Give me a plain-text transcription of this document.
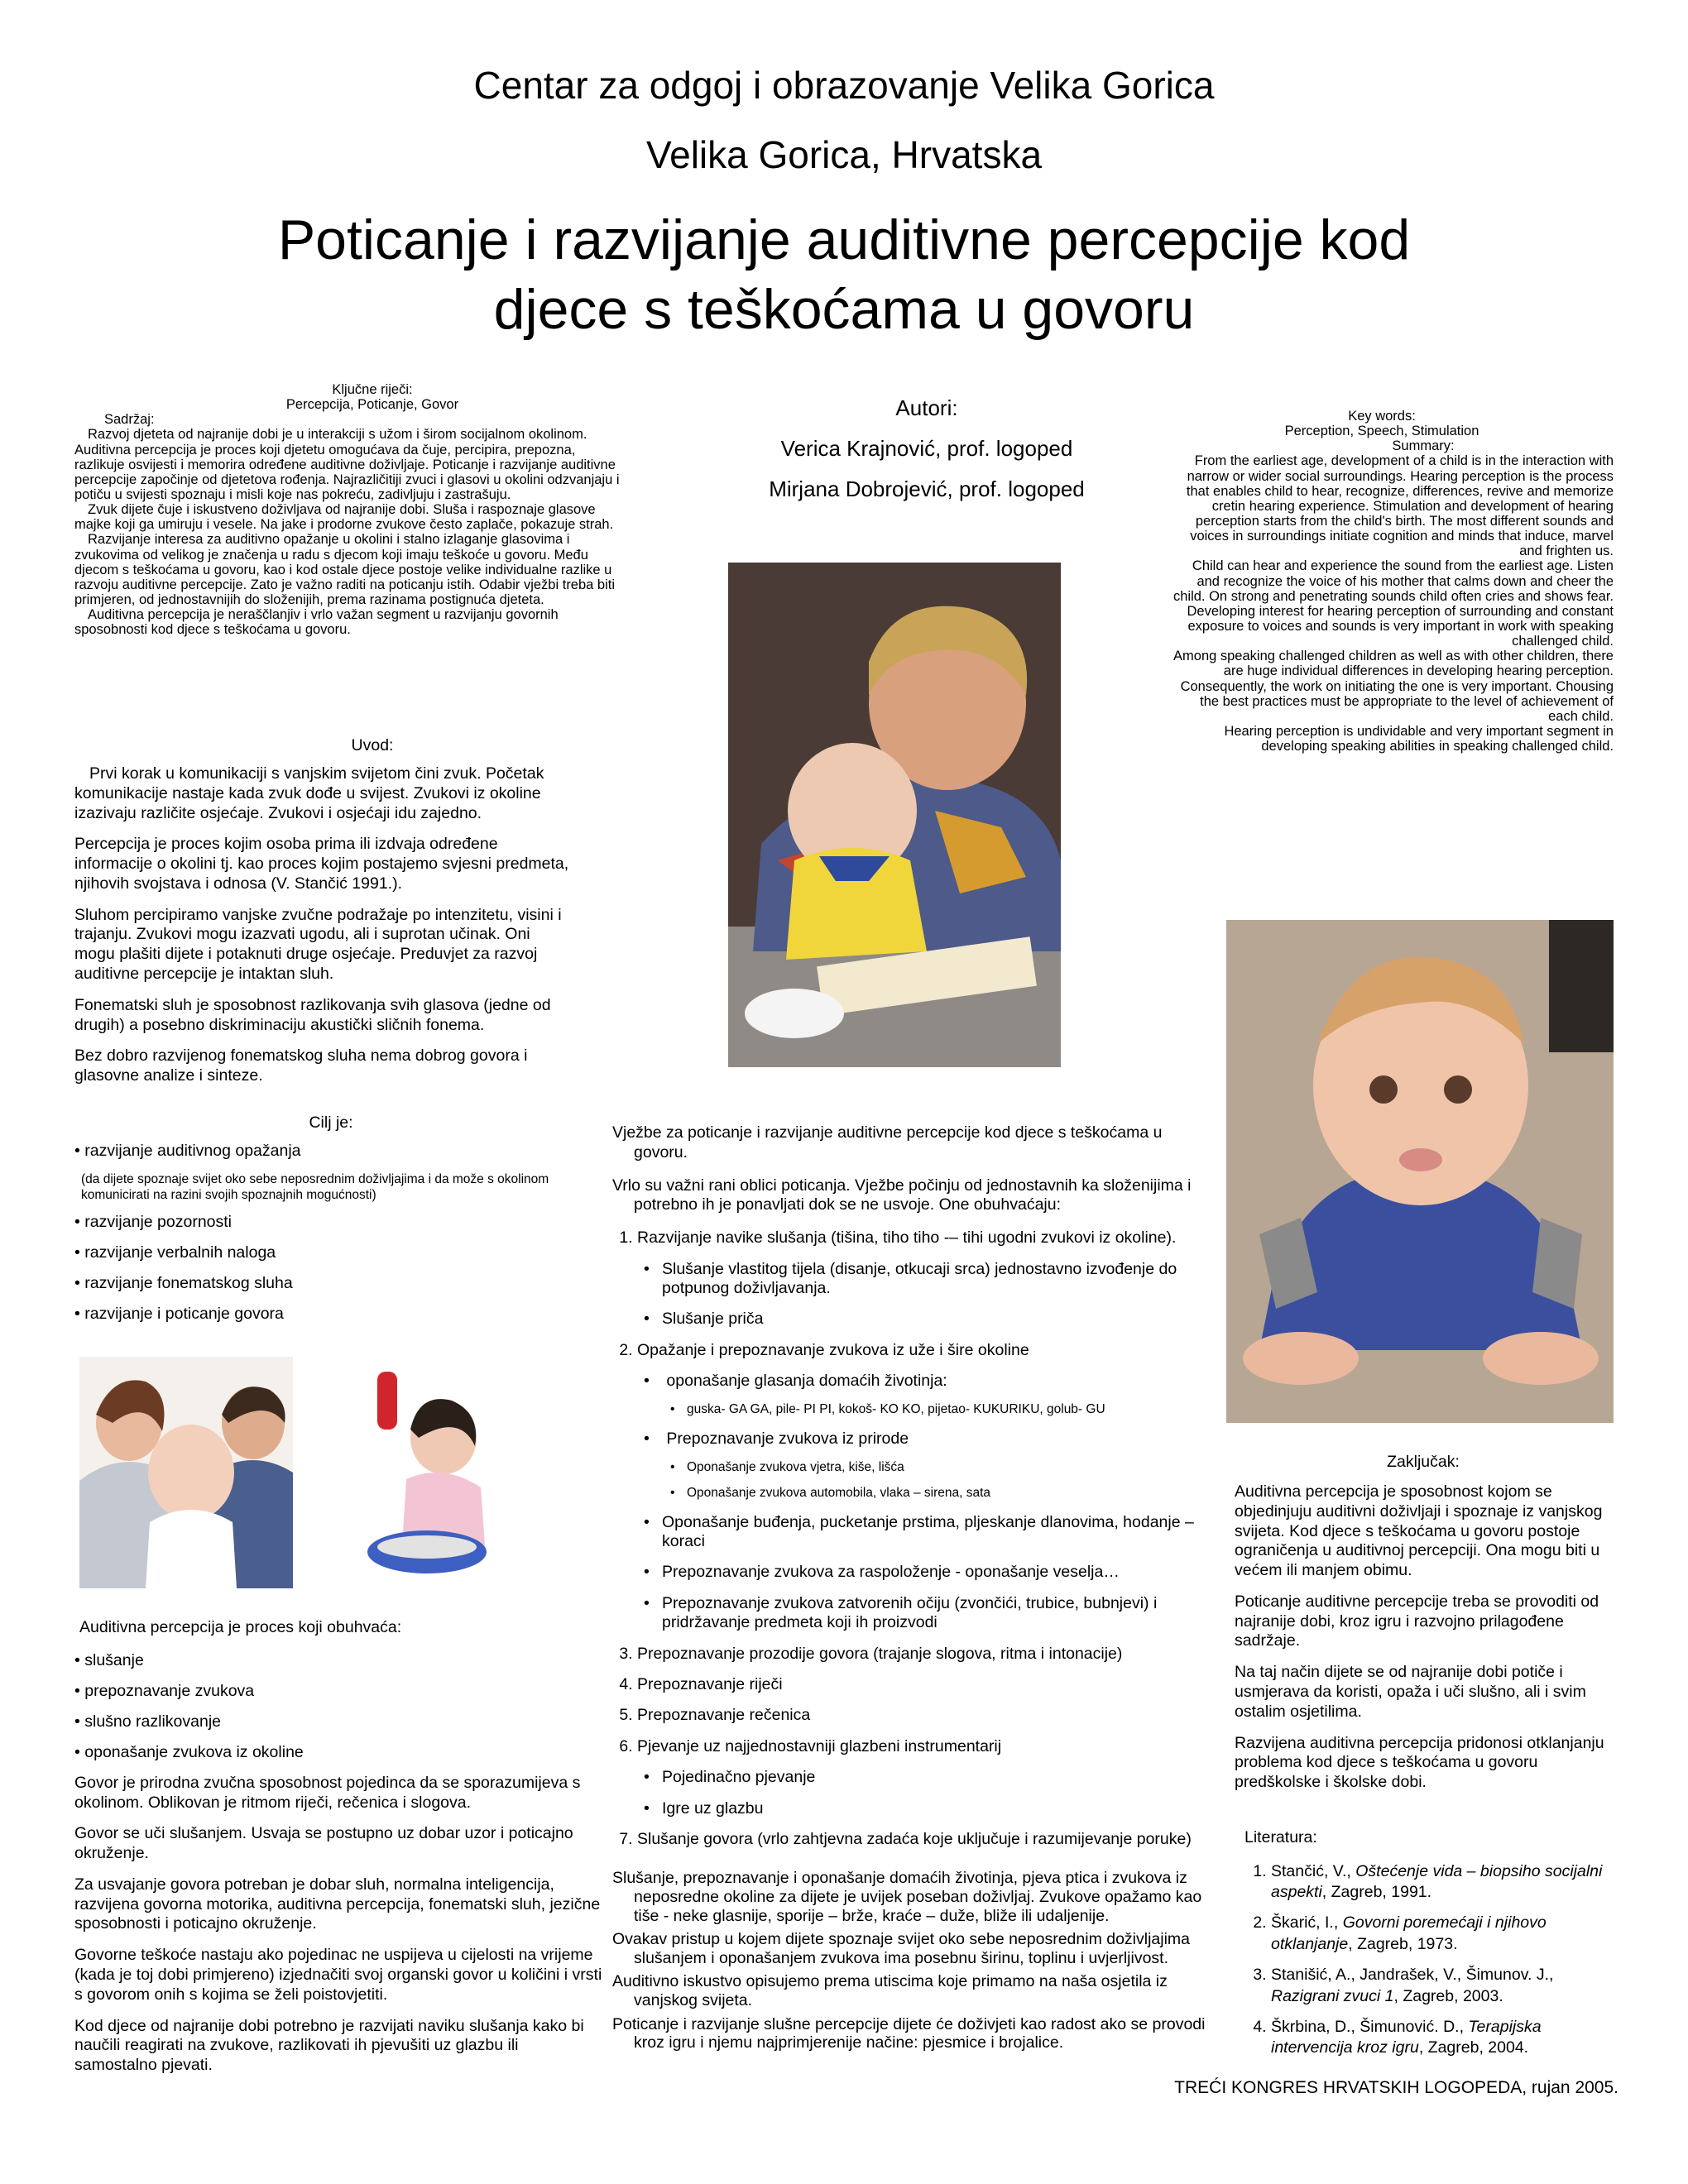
Centar za odgoj i obrazovanje Velika Gorica
Velika Gorica, Hrvatska
Poticanje i razvijanje auditivne percepcije kod
djece s teškoćama u govoru
Ključne riječi:
Percepcija, Poticanje, Govor
Sadržaj:
Razvoj djeteta od najranije dobi je u interakciji s užom i širom socijalnom okolinom.
Auditivna percepcija je proces koji djetetu omogućava da čuje, percipira, prepozna,
razlikuje osvijesti i memorira određene auditivne doživljaje. Poticanje i razvijanje auditivne
percepcije započinje od djetetova rođenja. Najrazličitiji zvuci i glasovi u okolini odzvanjaju i
potiču u svijesti spoznaju i misli koje nas pokreću, zadivljuju i zastrašuju.
Zvuk dijete čuje i iskustveno doživljava od najranije dobi. Sluša i raspoznaje glasove
majke koji ga umiruju i vesele. Na jake i prodorne zvukove često zaplače, pokazuje strah.
Razvijanje interesa za auditivno opažanje u okolini i stalno izlaganje glasovima i
zvukovima od velikog je značenja u radu s djecom koji imaju teškoće u govoru. Među
djecom s teškoćama u govoru, kao i kod ostale djece postoje velike individualne razlike u
razvoju auditivne percepcije. Zato je važno raditi na poticanju istih. Odabir vježbi treba biti
primjeren, od jednostavnijih do složenijih, prema razinama postignuća djeteta.
Auditivna percepcija je neraščlanjiv i vrlo važan segment u razvijanju govornih
sposobnosti kod djece s teškoćama u govoru.
Autori:
Verica Krajnović, prof. logoped
Mirjana Dobrojević, prof. logoped
Key words:
Perception, Speech, Stimulation
Summary:
From the earliest age, development of a child is in the interaction with
narrow or wider social surroundings. Hearing perception is the process
that enables child to hear, recognize, differences, revive and memorize
cretin hearing experience. Stimulation and development of hearing
perception starts from the child's birth. The most different sounds and
voices in surroundings initiate cognition and minds that induce, marvel
and frighten us.
Child can hear and experience the sound from the earliest age. Listen
and recognize the voice of his mother that calms down and cheer the
child. On strong and penetrating sounds child often cries and shows fear.
Developing interest for hearing perception of surrounding and constant
exposure to voices and sounds is very important in work with speaking
challenged child.
Among speaking challenged children as well as with other children, there
are huge individual differences in developing hearing perception.
Consequently, the work on initiating the one is very important. Chousing
the best practices must be appropriate to the level of achievement of
each child.
Hearing perception is undividable and very important segment in
developing speaking abilities in speaking challenged child.
Uvod:

Prvi korak u komunikaciji s vanjskim svijetom čini zvuk. Početak komunikacije nastaje kada zvuk dođe u svijest. Zvukovi iz okoline izazivaju različite osjećaje. Zvukovi i osjećaji idu zajedno.

Percepcija je proces kojim osoba prima ili izdvaja određene informacije o okolini tj. kao proces kojim postajemo svjesni predmeta, njihovih svojstava i odnosa (V. Stančić 1991.).

Sluhom percipiramo vanjske zvučne podražaje po intenzitetu, visini i trajanju. Zvukovi mogu izazvati ugodu, ali i suprotan učinak. Oni mogu plašiti dijete i potaknuti druge osjećaje. Preduvjet za razvoj auditivne percepcije je intaktan sluh.

Fonematski sluh je sposobnost razlikovanja svih glasova (jedne od drugih) a posebno diskriminaciju akustički sličnih fonema.

Bez dobro razvijenog fonematskog sluha nema dobrog govora i glasovne analize i sinteze.

Cilj je:
• razvijanje auditivnog opažanja
(da dijete spoznaje svijet oko sebe neposrednim doživljajima i da može s okolinom komunicirati na razini svojih spoznajnih mogućnosti)
• razvijanje pozornosti
• razvijanje verbalnih naloga
• razvijanje fonematskog sluha
• razvijanje i poticanje govora
Auditivna percepcija je proces koji obuhvaća:
• slušanje
• prepoznavanje zvukova
• slušno razlikovanje
• oponašanje zvukova iz okoline

Govor je prirodna zvučna sposobnost pojedinca da se sporazumijeva s okolinom. Oblikovan je ritmom riječi, rečenica i slogova.

Govor se uči slušanjem. Usvaja se postupno uz dobar uzor i poticajno okruženje.

Za usvajanje govora potreban je dobar sluh, normalna inteligencija, razvijena govorna motorika, auditivna percepcija, fonematski sluh, jezične sposobnosti i poticajno okruženje.

Govorne teškoće nastaju ako pojedinac ne uspijeva u cijelosti na vrijeme (kada je toj dobi primjereno) izjednačiti svoj organski govor u količini i vrsti s govorom onih s kojima se želi poistovjetiti.

Kod djece od najranije dobi potrebno je razvijati naviku slušanja kako bi naučili reagirati na zvukove, razlikovati ih pjevušiti uz glazbu ili samostalno pjevati.

Vježbe za poticanje i razvijanje auditivne percepcije kod djece s teškoćama u govoru.

Vrlo su važni rani oblici poticanja. Vježbe počinju od jednostavnih ka složenijima i potrebno ih je ponavljati dok se ne usvoje. One obuhvaćaju:

1. Razvijanje navike slušanja (tišina, tiho tiho -– tihi ugodni zvukovi iz okoline).
• Slušanje vlastitog tijela (disanje, otkucaji srca) jednostavno izvođenje do potpunog doživljavanja.
• Slušanje priča
2. Opažanje i prepoznavanje zvukova iz uže i šire okoline
• oponašanje glasanja domaćih životinja:
• guska- GA GA, pile- PI PI, kokoš- KO KO, pijetao- KUKURIKU, golub- GU
• Prepoznavanje zvukova iz prirode
• Oponašanje zvukova vjetra, kiše, lišća
• Oponašanje zvukova automobila, vlaka – sirena, sata
• Oponašanje buđenja, pucketanje prstima, pljeskanje dlanovima, hodanje – koraci
• Prepoznavanje zvukova za raspoloženje - oponašanje veselja…
• Prepoznavanje zvukova zatvorenih očiju (zvončići, trubice, bubnjevi) i pridržavanje predmeta koji ih proizvodi
3. Prepoznavanje prozodije govora (trajanje slogova, ritma i intonacije)
4. Prepoznavanje riječi
5. Prepoznavanje rečenica
6. Pjevanje uz najjednostavniji glazbeni instrumentarij
• Pojedinačno pjevanje
• Igre uz glazbu
7. Slušanje govora (vrlo zahtjevna zadaća koje uključuje i razumijevanje poruke)

Slušanje, prepoznavanje i oponašanje domaćih životinja, pjeva ptica i zvukova iz neposredne okoline za dijete je uvijek poseban doživljaj. Zvukove opažamo kao tiše - neke glasnije, sporije – brže, kraće – duže, bliže ili udaljenije.

Ovakav pristup u kojem dijete spoznaje svijet oko sebe neposrednim doživljajima slušanjem i oponašanjem zvukova ima posebnu širinu, toplinu i uvjerljivost.

Auditivno iskustvo opisujemo prema utiscima koje primamo na naša osjetila iz vanjskog svijeta.

Poticanje i razvijanje slušne percepcije dijete će doživjeti kao radost ako se provodi kroz igru i njemu najprimjerenije načine: pjesmice i brojalice.

Zaključak:

Auditivna percepcija je sposobnost kojom se objedinjuju auditivni doživljaji i spoznaje iz vanjskog svijeta. Kod djece s teškoćama u govoru postoje ograničenja u auditivnoj percepciji. Ona mogu biti u većem ili manjem obimu.

Poticanje auditivne percepcije treba se provoditi od najranije dobi, kroz igru i razvojno prilagođene sadržaje.

Na taj način dijete se od najranije dobi potiče i usmjerava da koristi, opaža i uči slušno, ali i svim ostalim osjetilima.

Razvijena auditivna percepcija pridonosi otklanjanju problema kod djece s teškoćama u govoru predškolske i školske dobi.

Literatura:
1. Stančić, V., Oštećenje vida – biopsiho socijalni aspekti, Zagreb, 1991.
2. Škarić, I., Govorni poremećaji i njihovo otklanjanje, Zagreb, 1973.
3. Stanišić, A., Jandrašek, V., Šimunov. J., Razigrani zvuci 1, Zagreb, 2003.
4. Škrbina, D., Šimunović. D., Terapijska intervencija kroz igru, Zagreb, 2004.
TREĆI KONGRES HRVATSKIH LOGOPEDA, rujan 2005.
